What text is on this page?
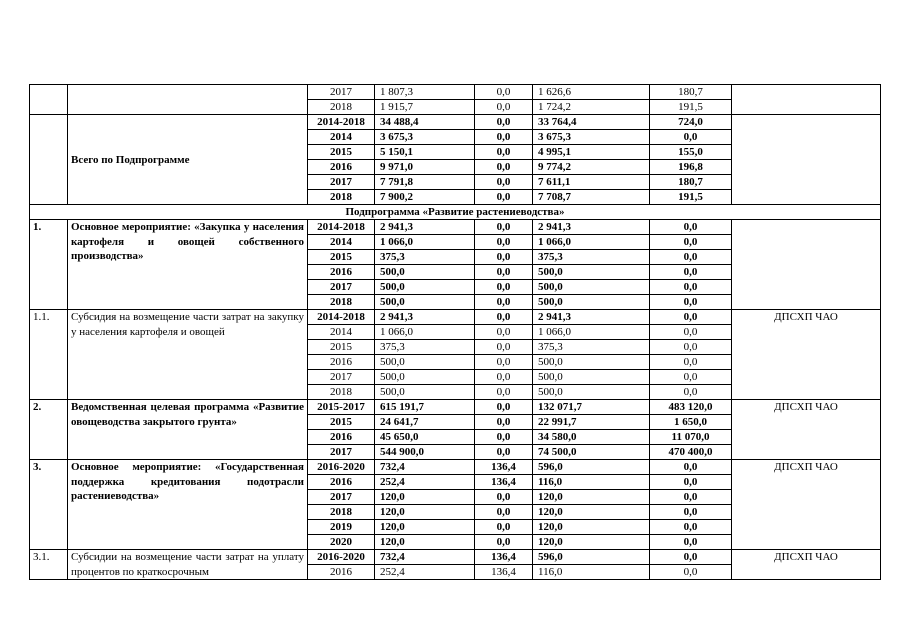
		2017	1 807,3	0,0	1 626,6	180,7	
		2018	1 915,7	0,0	1 724,2	191,5	
	Всего по Подпрограмме	2014-2018	34 488,4	0,0	33 764,4	724,0	
		2014	3 675,3	0,0	3 675,3	0,0	
		2015	5 150,1	0,0	4 995,1	155,0	
		2016	9 971,0	0,0	9 774,2	196,8	
		2017	7 791,8	0,0	7 611,1	180,7	
		2018	7 900,2	0,0	7 708,7	191,5	
Подпрограмма «Развитие растениеводства»							
1.	Основное мероприятие: «Закупка у населения картофеля и овощей собственного производства»	2014-2018	2 941,3	0,0	2 941,3	0,0	
		2014	1 066,0	0,0	1 066,0	0,0	
		2015	375,3	0,0	375,3	0,0	
		2016	500,0	0,0	500,0	0,0	
		2017	500,0	0,0	500,0	0,0	
		2018	500,0	0,0	500,0	0,0	
1.1.	Субсидия на возмещение части затрат на закупку у населения картофеля и овощей	2014-2018	2 941,3	0,0	2 941,3	0,0	ДПСХП ЧАО
		2014	1 066,0	0,0	1 066,0	0,0	
		2015	375,3	0,0	375,3	0,0	
		2016	500,0	0,0	500,0	0,0	
		2017	500,0	0,0	500,0	0,0	
		2018	500,0	0,0	500,0	0,0	
2.	Ведомственная целевая программа «Развитие овощеводства закрытого грунта»	2015-2017	615 191,7	0,0	132 071,7	483 120,0	ДПСХП ЧАО
		2015	24 641,7	0,0	22 991,7	1 650,0	
		2016	45 650,0	0,0	34 580,0	11 070,0	
		2017	544 900,0	0,0	74 500,0	470 400,0	
3.	Основное мероприятие: «Государственная поддержка кредитования подотрасли растениеводства»	2016-2020	732,4	136,4	596,0	0,0	ДПСХП ЧАО
		2016	252,4	136,4	116,0	0,0	
		2017	120,0	0,0	120,0	0,0	
		2018	120,0	0,0	120,0	0,0	
		2019	120,0	0,0	120,0	0,0	
		2020	120,0	0,0	120,0	0,0	
3.1.	Субсидии на возмещение части затрат на уплату процентов по краткосрочным	2016-2020	732,4	136,4	596,0	0,0	ДПСХП ЧАО
		2016	252,4	136,4	116,0	0,0	
